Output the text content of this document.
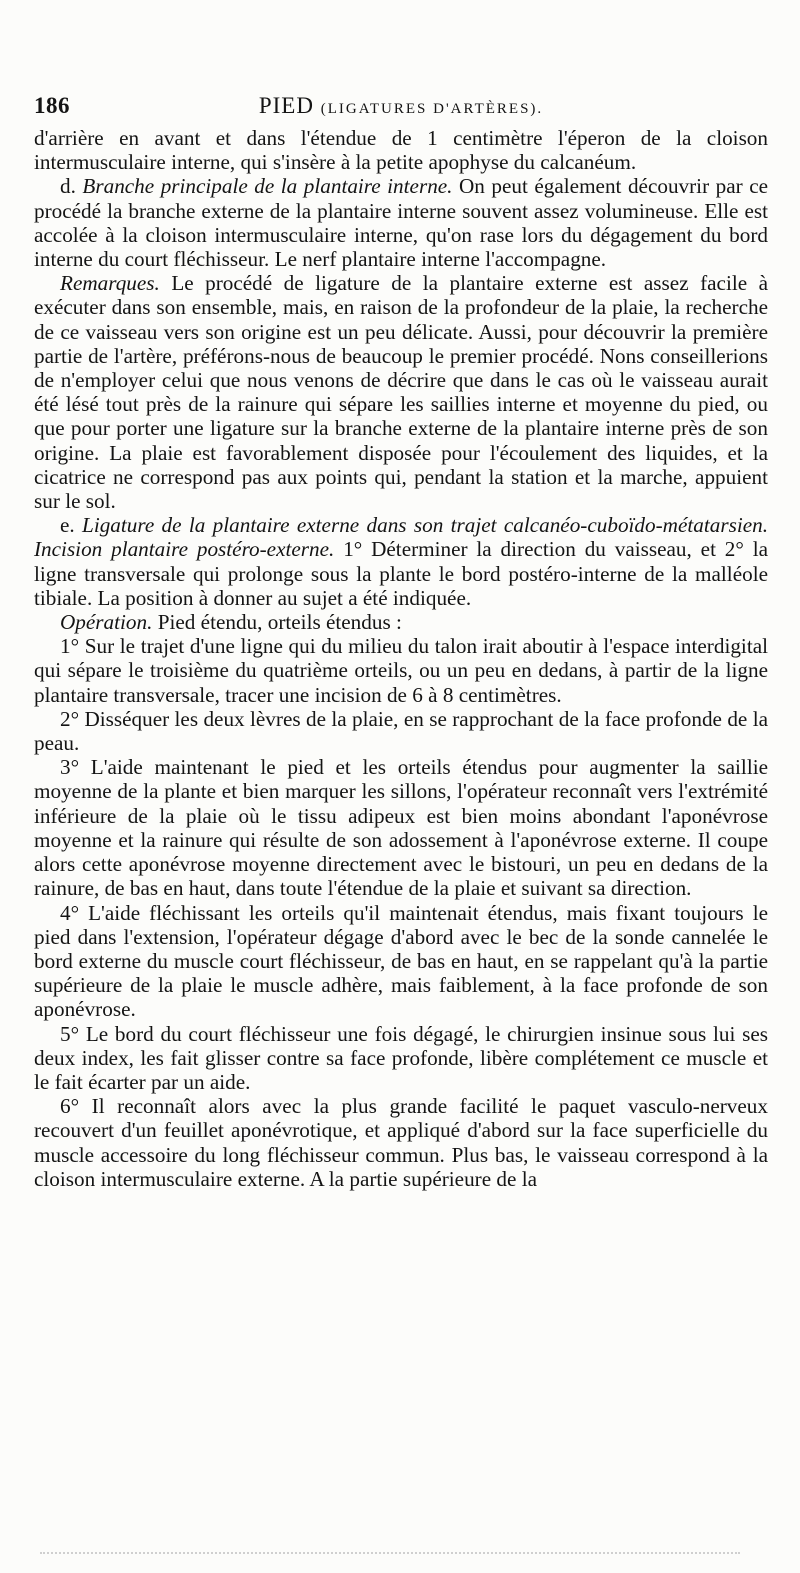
186	PIED (LIGATURES D'ARTÈRES).

d'arrière en avant et dans l'étendue de 1 centimètre l'éperon de la cloison intermusculaire interne, qui s'insère à la petite apophyse du calcanéum.

d. Branche principale de la plantaire interne. On peut également découvrir par ce procédé la branche externe de la plantaire interne souvent assez volumineuse. Elle est accolée à la cloison intermusculaire interne, qu'on rase lors du dégagement du bord interne du court fléchisseur. Le nerf plantaire interne l'accompagne.

Remarques. Le procédé de ligature de la plantaire externe est assez facile à exécuter dans son ensemble, mais, en raison de la profondeur de la plaie, la recherche de ce vaisseau vers son origine est un peu délicate. Aussi, pour découvrir la première partie de l'artère, préférons-nous de beaucoup le premier procédé. Nons conseillerions de n'employer celui que nous venons de décrire que dans le cas où le vaisseau aurait été lésé tout près de la rainure qui sépare les saillies interne et moyenne du pied, ou que pour porter une ligature sur la branche externe de la plantaire interne près de son origine. La plaie est favorablement disposée pour l'écoulement des liquides, et la cicatrice ne correspond pas aux points qui, pendant la station et la marche, appuient sur le sol.

e. Ligature de la plantaire externe dans son trajet calcanéo-cuboïdo-métatarsien. Incision plantaire postéro-externe. 1° Déterminer la direction du vaisseau, et 2° la ligne transversale qui prolonge sous la plante le bord postéro-interne de la malléole tibiale. La position à donner au sujet a été indiquée.

Opération. Pied étendu, orteils étendus :

1° Sur le trajet d'une ligne qui du milieu du talon irait aboutir à l'espace interdigital qui sépare le troisième du quatrième orteils, ou un peu en dedans, à partir de la ligne plantaire transversale, tracer une incision de 6 à 8 centimètres.

2° Disséquer les deux lèvres de la plaie, en se rapprochant de la face profonde de la peau.

3° L'aide maintenant le pied et les orteils étendus pour augmenter la saillie moyenne de la plante et bien marquer les sillons, l'opérateur reconnaît vers l'extrémité inférieure de la plaie où le tissu adipeux est bien moins abondant l'aponévrose moyenne et la rainure qui résulte de son adossement à l'aponévrose externe. Il coupe alors cette aponévrose moyenne directement avec le bistouri, un peu en dedans de la rainure, de bas en haut, dans toute l'étendue de la plaie et suivant sa direction.

4° L'aide fléchissant les orteils qu'il maintenait étendus, mais fixant toujours le pied dans l'extension, l'opérateur dégage d'abord avec le bec de la sonde cannelée le bord externe du muscle court fléchisseur, de bas en haut, en se rappelant qu'à la partie supérieure de la plaie le muscle adhère, mais faiblement, à la face profonde de son aponévrose.

5° Le bord du court fléchisseur une fois dégagé, le chirurgien insinue sous lui ses deux index, les fait glisser contre sa face profonde, libère complétement ce muscle et le fait écarter par un aide.

6° Il reconnaît alors avec la plus grande facilité le paquet vasculo-nerveux recouvert d'un feuillet aponévrotique, et appliqué d'abord sur la face superficielle du muscle accessoire du long fléchisseur commun. Plus bas, le vaisseau correspond à la cloison intermusculaire externe. A la partie supérieure de la
